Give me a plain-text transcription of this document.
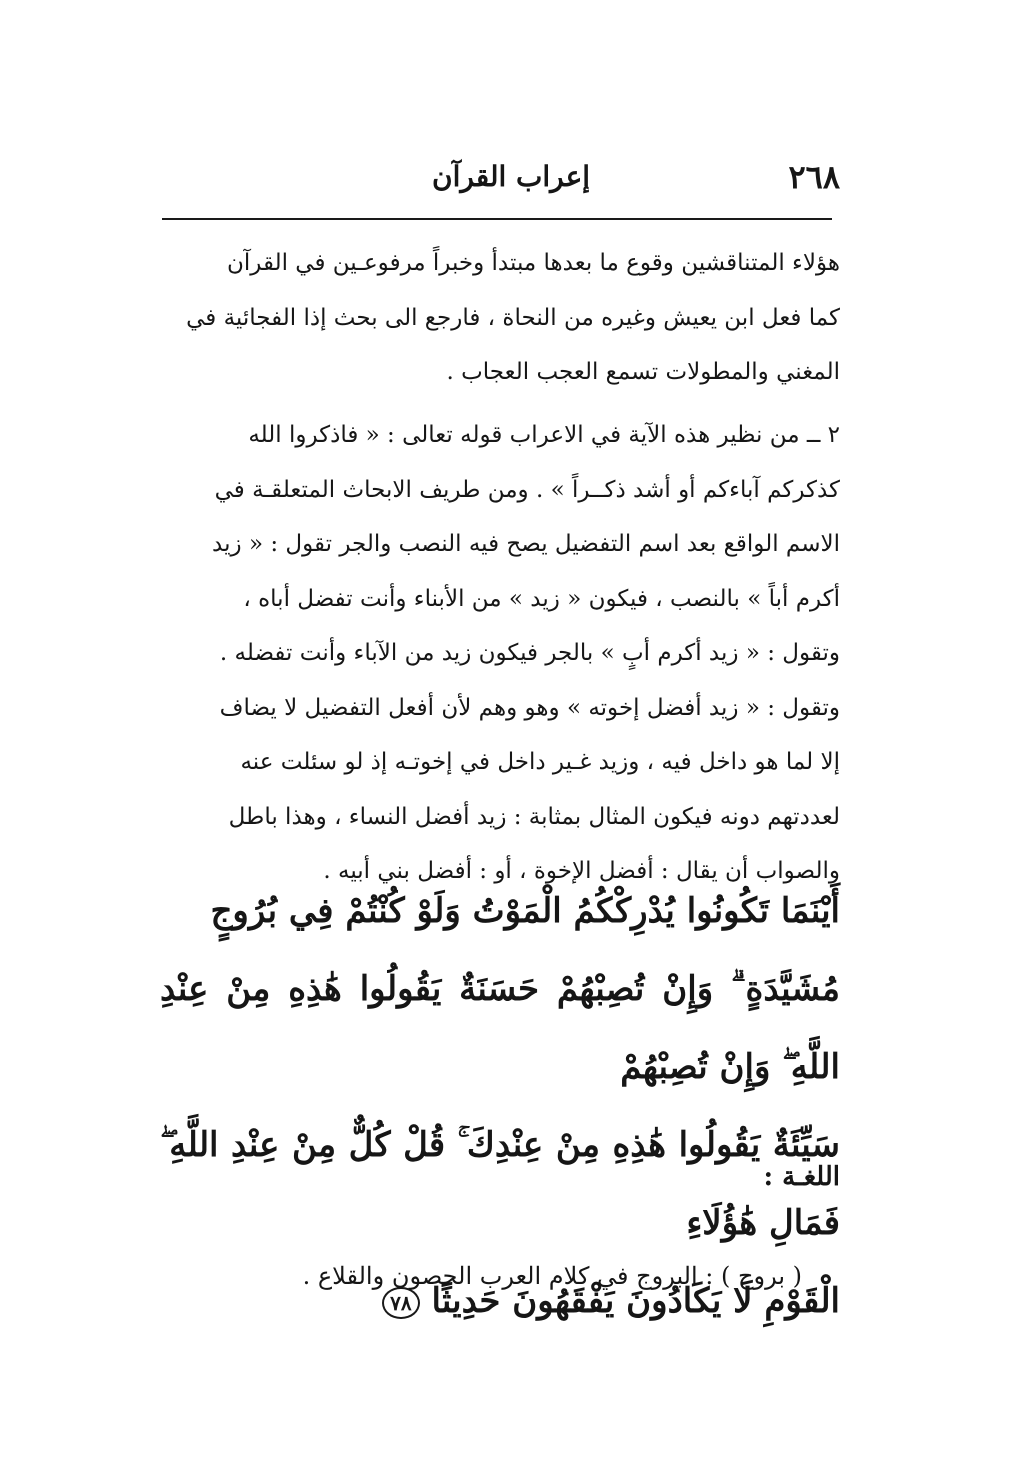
٢٦٨
إعراب القرآن

هؤلاء المتناقشين وقوع ما بعدها مبتدأ وخبراً مرفوعـين في القرآن

كما فعل ابن يعيش وغيره من النحاة ، فارجع الى بحث إذا الفجائية في

المغني والمطولات تسمع العجب العجاب .

٢ ــ من نظير هذه الآية في الاعراب قوله تعالى : « فاذكروا الله

كذكركم آباءكم أو أشد ذكــراً » . ومن طريف الابحاث المتعلقـة في

الاسم الواقع بعد اسم التفضيل يصح فيه النصب والجر تقول : « زيد

أكرم أباً » بالنصب ، فيكون « زيد » من الأبناء وأنت تفضل أباه ،

وتقول : « زيد أكرم أبٍ » بالجر فيكون زيد من الآباء وأنت تفضله .

وتقول : « زيد أفضل إخوته » وهو وهم لأن أفعل التفضيل لا يضاف

إلا لما هو داخل فيه ، وزيد غـير داخل في إخوتـه إذ لو سئلت عنه

لعددتهم دونه فيكون المثال بمثابة : زيد أفضل النساء ، وهذا باطل

والصواب أن يقال : أفضل الإخوة ، أو : أفضل بني أبيه .

أَيْنَمَا تَكُونُوا يُدْرِكْكُمُ الْمَوْتُ وَلَوْ كُنْتُمْ فِي بُرُوجٍ
مُشَيَّدَةٍ ۗ وَإِنْ تُصِبْهُمْ حَسَنَةٌ يَقُولُوا هَٰذِهِ مِنْ عِنْدِ اللَّهِ ۖ وَإِنْ تُصِبْهُمْ
سَيِّئَةٌ يَقُولُوا هَٰذِهِ مِنْ عِنْدِكَ ۚ قُلْ كُلٌّ مِنْ عِنْدِ اللَّهِ ۖ فَمَالِ هَٰؤُلَاءِ
الْقَوْمِ لَا يَكَادُونَ يَفْقَهُونَ حَدِيثًا ٧٨
اللغـة :
( بروج ) : البروج في كلام العرب الحصون والقلاع .
